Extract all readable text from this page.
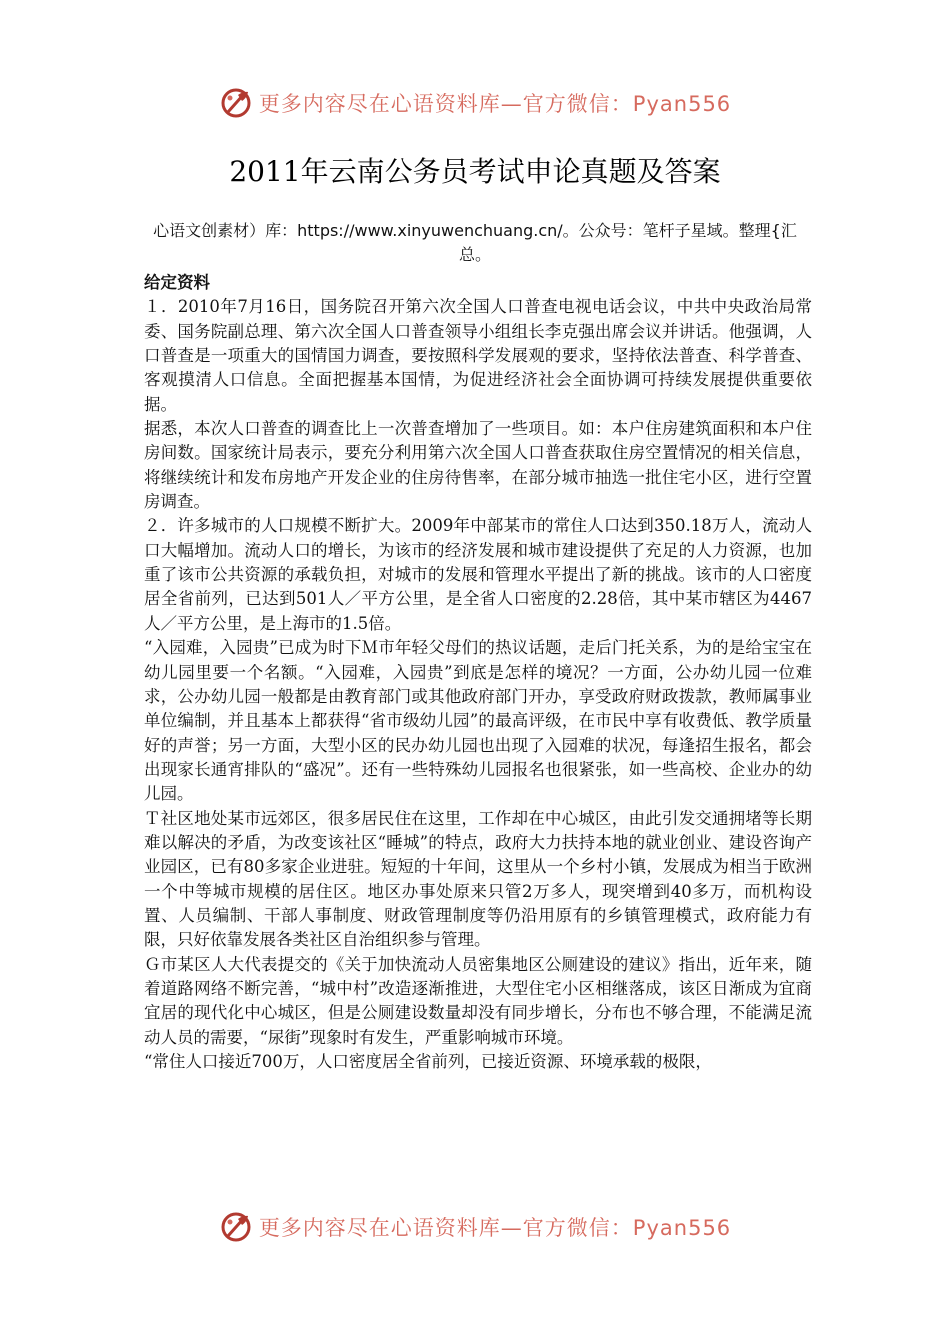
更多内容尽在心语资料库—官方微信：Pyan556
2011年云南公务员考试申论真题及答案
心语文创素材）库：https://www.xinyuwenchuang.cn/。公众号：笔杆子星域。整理{汇总。

给定资料

１．2010年7月16日，国务院召开第六次全国人口普查电视电话会议，中共中央政治局常委、国务院副总理、第六次全国人口普查领导小组组长李克强出席会议并讲话。他强调，人口普查是一项重大的国情国力调查，要按照科学发展观的要求，坚持依法普查、科学普查、客观摸清人口信息。全面把握基本国情，为促进经济社会全面协调可持续发展提供重要依据。

据悉，本次人口普查的调查比上一次普查增加了一些项目。如：本户住房建筑面积和本户住房间数。国家统计局表示，要充分利用第六次全国人口普查获取住房空置情况的相关信息，将继续统计和发布房地产开发企业的住房待售率，在部分城市抽选一批住宅小区，进行空置房调查。

２．许多城市的人口规模不断扩大。2009年中部某市的常住人口达到350.18万人，流动人口大幅增加。流动人口的增长，为该市的经济发展和城市建设提供了充足的人力资源，也加重了该市公共资源的承载负担，对城市的发展和管理水平提出了新的挑战。该市的人口密度居全省前列，已达到501人／平方公里，是全省人口密度的2.28倍，其中某市辖区为4467人／平方公里，是上海市的1.5倍。

“入园难，入园贵”已成为时下Ｍ市年轻父母们的热议话题，走后门托关系，为的是给宝宝在幼儿园里要一个名额。“入园难，入园贵”到底是怎样的境况？一方面，公办幼儿园一位难求，公办幼儿园一般都是由教育部门或其他政府部门开办，享受政府财政拨款，教师属事业单位编制，并且基本上都获得“省市级幼儿园”的最高评级，在市民中享有收费低、教学质量好的声誉；另一方面，大型小区的民办幼儿园也出现了入园难的状况，每逢招生报名，都会出现家长通宵排队的“盛况”。还有一些特殊幼儿园报名也很紧张，如一些高校、企业办的幼儿园。

Ｔ社区地处某市远郊区，很多居民住在这里，工作却在中心城区，由此引发交通拥堵等长期难以解决的矛盾，为改变该社区“睡城”的特点，政府大力扶持本地的就业创业、建设咨询产业园区，已有80多家企业进驻。短短的十年间，这里从一个乡村小镇，发展成为相当于欧洲一个中等城市规模的居住区。地区办事处原来只管2万多人，现突增到40多万，而机构设置、人员编制、干部人事制度、财政管理制度等仍沿用原有的乡镇管理模式，政府能力有限，只好依靠发展各类社区自治组织参与管理。

Ｇ市某区人大代表提交的《关于加快流动人员密集地区公厕建设的建议》指出，近年来，随着道路网络不断完善，“城中村”改造逐渐推进，大型住宅小区相继落成，该区日渐成为宜商宜居的现代化中心城区，但是公厕建设数量却没有同步增长，分布也不够合理，不能满足流动人员的需要，“尿街”现象时有发生，严重影响城市环境。

“常住人口接近700万，人口密度居全省前列，已接近资源、环境承载的极限，

更多内容尽在心语资料库—官方微信：Pyan556
